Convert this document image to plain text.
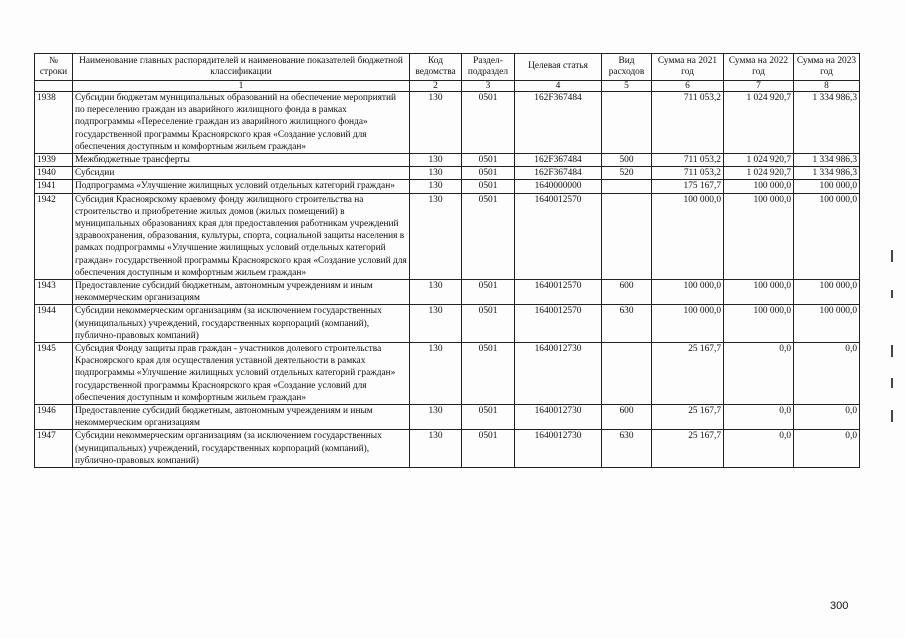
№ строки	Наименование главных распорядителей и наименование показателей бюджетной классификации	Код ведомства	Раздел- подраздел	Целевая статья	Вид расходов	Сумма на 2021 год	Сумма на 2022 год	Сумма на 2023 год
	1	2	3	4	5	6	7	8
1938	Субсидии бюджетам муниципальных образований на обеспечение мероприятий по переселению граждан из аварийного жилищного фонда в рамках подпрограммы «Переселение граждан из аварийного жилищного фонда» государственной программы Красноярского края «Создание условий для обеспечения доступным и комфортным жильем граждан»	130	0501	162F367484		711 053,2	1 024 920,7	1 334 986,3
1939	Межбюджетные трансферты	130	0501	162F367484	500	711 053,2	1 024 920,7	1 334 986,3
1940	Субсидии	130	0501	162F367484	520	711 053,2	1 024 920,7	1 334 986,3
1941	Подпрограмма «Улучшение жилищных условий отдельных категорий граждан»	130	0501	1640000000		175 167,7	100 000,0	100 000,0
1942	Субсидия Красноярскому краевому фонду жилищного строительства на строительство и приобретение жилых домов (жилых помещений) в муниципальных образованиях края для предоставления работникам учреждений здравоохранения, образования, культуры, спорта, социальной защиты населения в рамках подпрограммы «Улучшение жилищных условий отдельных категорий граждан» государственной программы Красноярского края «Создание условий для обеспечения доступным и комфортным жильем граждан»	130	0501	1640012570		100 000,0	100 000,0	100 000,0
1943	Предоставление субсидий бюджетным, автономным учреждениям и иным некоммерческим организациям	130	0501	1640012570	600	100 000,0	100 000,0	100 000,0
1944	Субсидии некоммерческим организациям (за исключением государственных (муниципальных) учреждений, государственных корпораций (компаний), публично-правовых компаний)	130	0501	1640012570	630	100 000,0	100 000,0	100 000,0
1945	Субсидия Фонду защиты прав граждан - участников долевого строительства Красноярского края для осуществления уставной деятельности в рамках подпрограммы «Улучшение жилищных условий отдельных категорий граждан» государственной программы Красноярского края «Создание условий для обеспечения доступным и комфортным жильем граждан»	130	0501	1640012730		25 167,7	0,0	0,0
1946	Предоставление субсидий бюджетным, автономным учреждениям и иным некоммерческим организациям	130	0501	1640012730	600	25 167,7	0,0	0,0
1947	Субсидии некоммерческим организациям (за исключением государственных (муниципальных) учреждений, государственных корпораций (компаний), публично-правовых компаний)	130	0501	1640012730	630	25 167,7	0,0	0,0
300
